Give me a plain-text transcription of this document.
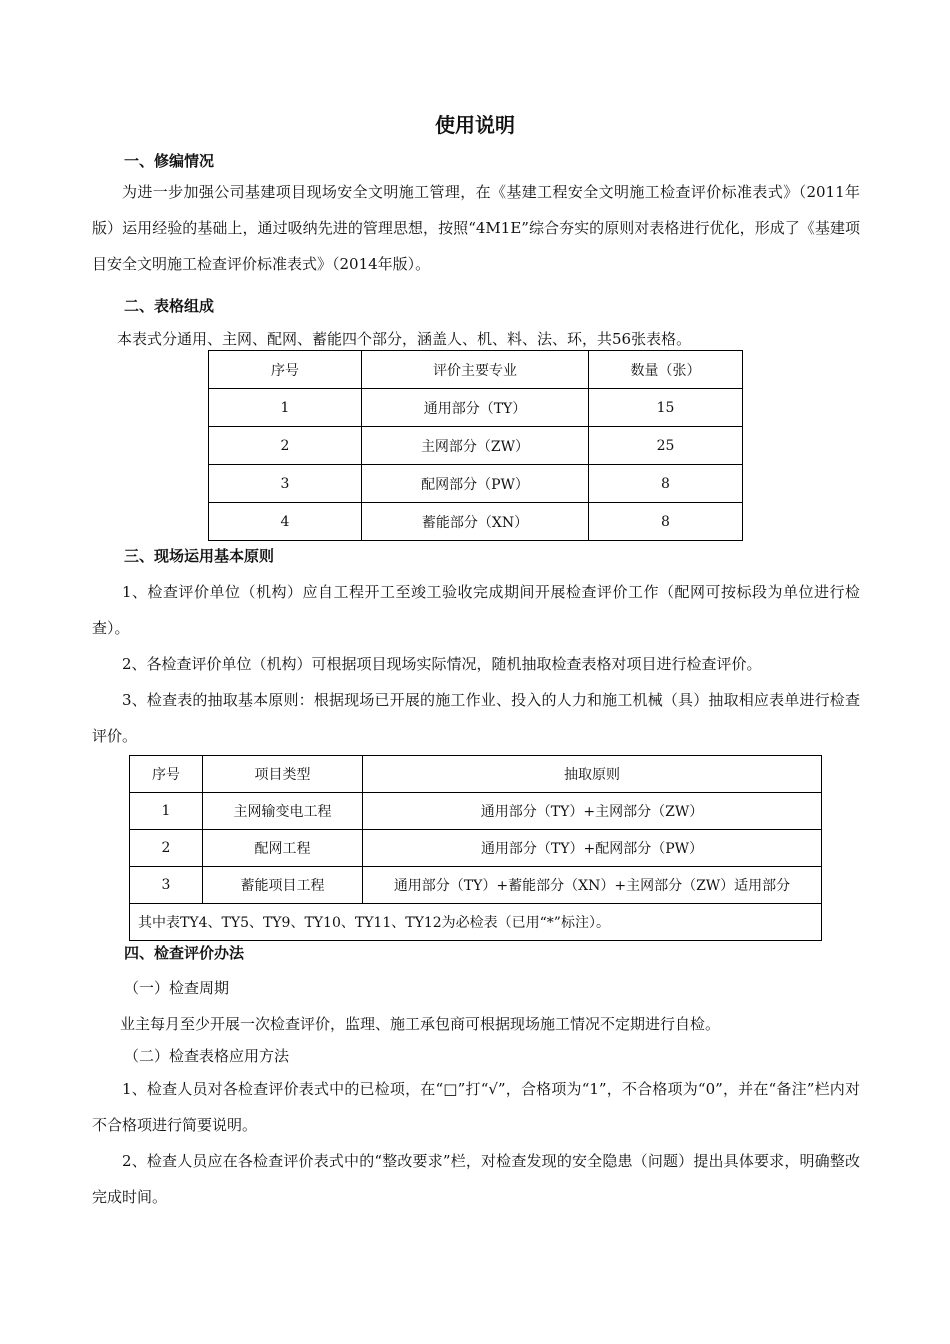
使用说明
一、修编情况
为进一步加强公司基建项目现场安全文明施工管理，在《基建工程安全文明施工检查评价标准表式》（2011年版）运用经验的基础上，通过吸纳先进的管理思想，按照“4M1E”综合夯实的原则对表格进行优化，形成了《基建项目安全文明施工检查评价标准表式》（2014年版）。
二、表格组成
本表式分通用、主网、配网、蓄能四个部分，涵盖人、机、料、法、环，共56张表格。
序号	评价主要专业	数量（张）
1	通用部分（TY）	15
2	主网部分（ZW）	25
3	配网部分（PW）	8
4	蓄能部分（XN）	8
三、现场运用基本原则
1、检查评价单位（机构）应自工程开工至竣工验收完成期间开展检查评价工作（配网可按标段为单位进行检查）。
2、各检查评价单位（机构）可根据项目现场实际情况，随机抽取检查表格对项目进行检查评价。
3、检查表的抽取基本原则：根据现场已开展的施工作业、投入的人力和施工机械（具）抽取相应表单进行检查评价。
序号	项目类型	抽取原则
1	主网输变电工程	通用部分（TY）+主网部分（ZW）
2	配网工程	通用部分（TY）+配网部分（PW）
3	蓄能项目工程	通用部分（TY）+蓄能部分（XN）+主网部分（ZW）适用部分
其中表TY4、TY5、TY9、TY10、TY11、TY12为必检表（已用“*”标注）。		
四、检查评价办法
（一）检查周期
业主每月至少开展一次检查评价，监理、施工承包商可根据现场施工情况不定期进行自检。
（二）检查表格应用方法
1、检查人员对各检查评价表式中的已检项，在“□”打“√”，合格项为“1”，不合格项为“0”，并在“备注”栏内对不合格项进行简要说明。
2、检查人员应在各检查评价表式中的“整改要求”栏，对检查发现的安全隐患（问题）提出具体要求，明确整改完成时间。
